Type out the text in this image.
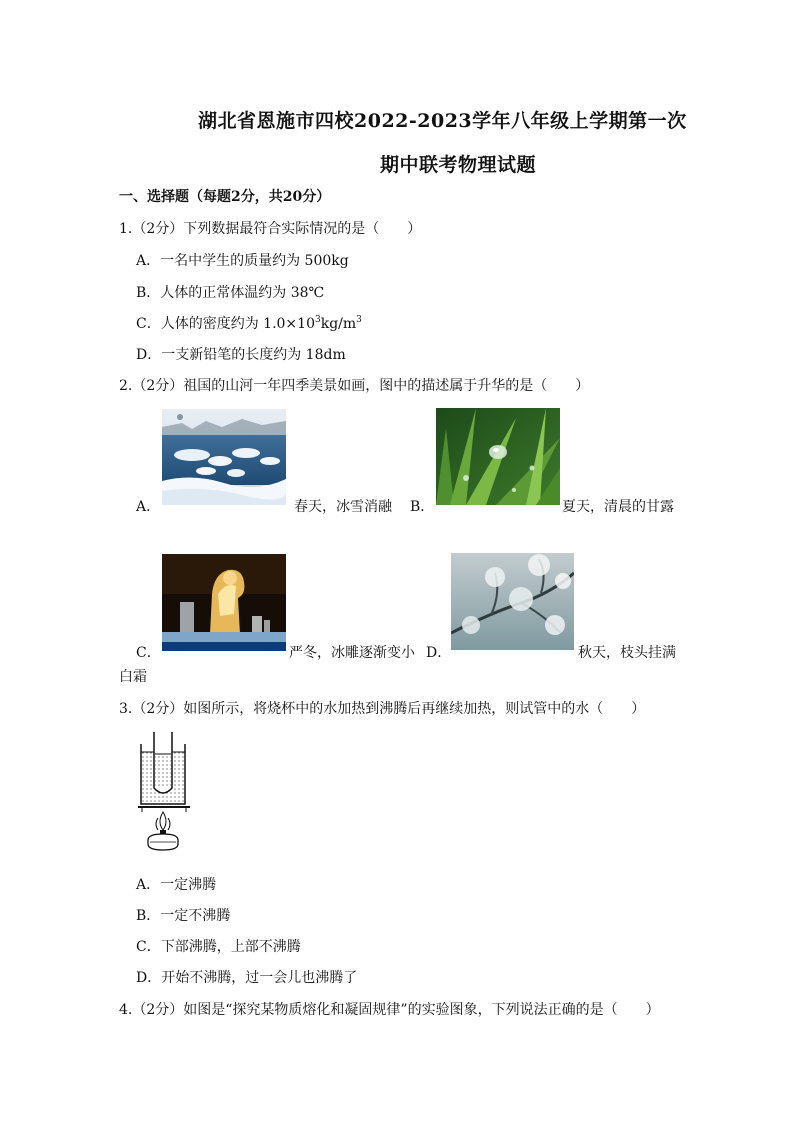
湖北省恩施市四校2022-2023学年八年级上学期第一次
期中联考物理试题
一、选择题（每题2分，共20分）
1.（2分）下列数据最符合实际情况的是（　　）
A．一名中学生的质量约为 500kg
B．人体的正常体温约为 38℃
C．人体的密度约为 $1.0\times 10^3kg/m^3$
D．一支新铅笔的长度约为 18dm
2.（2分）祖国的山河一年四季美景如画，图中的描述属于升华的是（　　）
A．	春天，冰雪消融 B．	夏天，清晨的甘露
C．	严冬，冰雕逐渐变小 D．	秋天，枝头挂满
白霜
3.（2分）如图所示，将烧杯中的水加热到沸腾后再继续加热，则试管中的水（　　）
A．一定沸腾
B．一定不沸腾
C．下部沸腾，上部不沸腾
D．开始不沸腾，过一会儿也沸腾了
4.（2分）如图是“探究某物质熔化和凝固规律”的实验图象，下列说法正确的是（　　）
